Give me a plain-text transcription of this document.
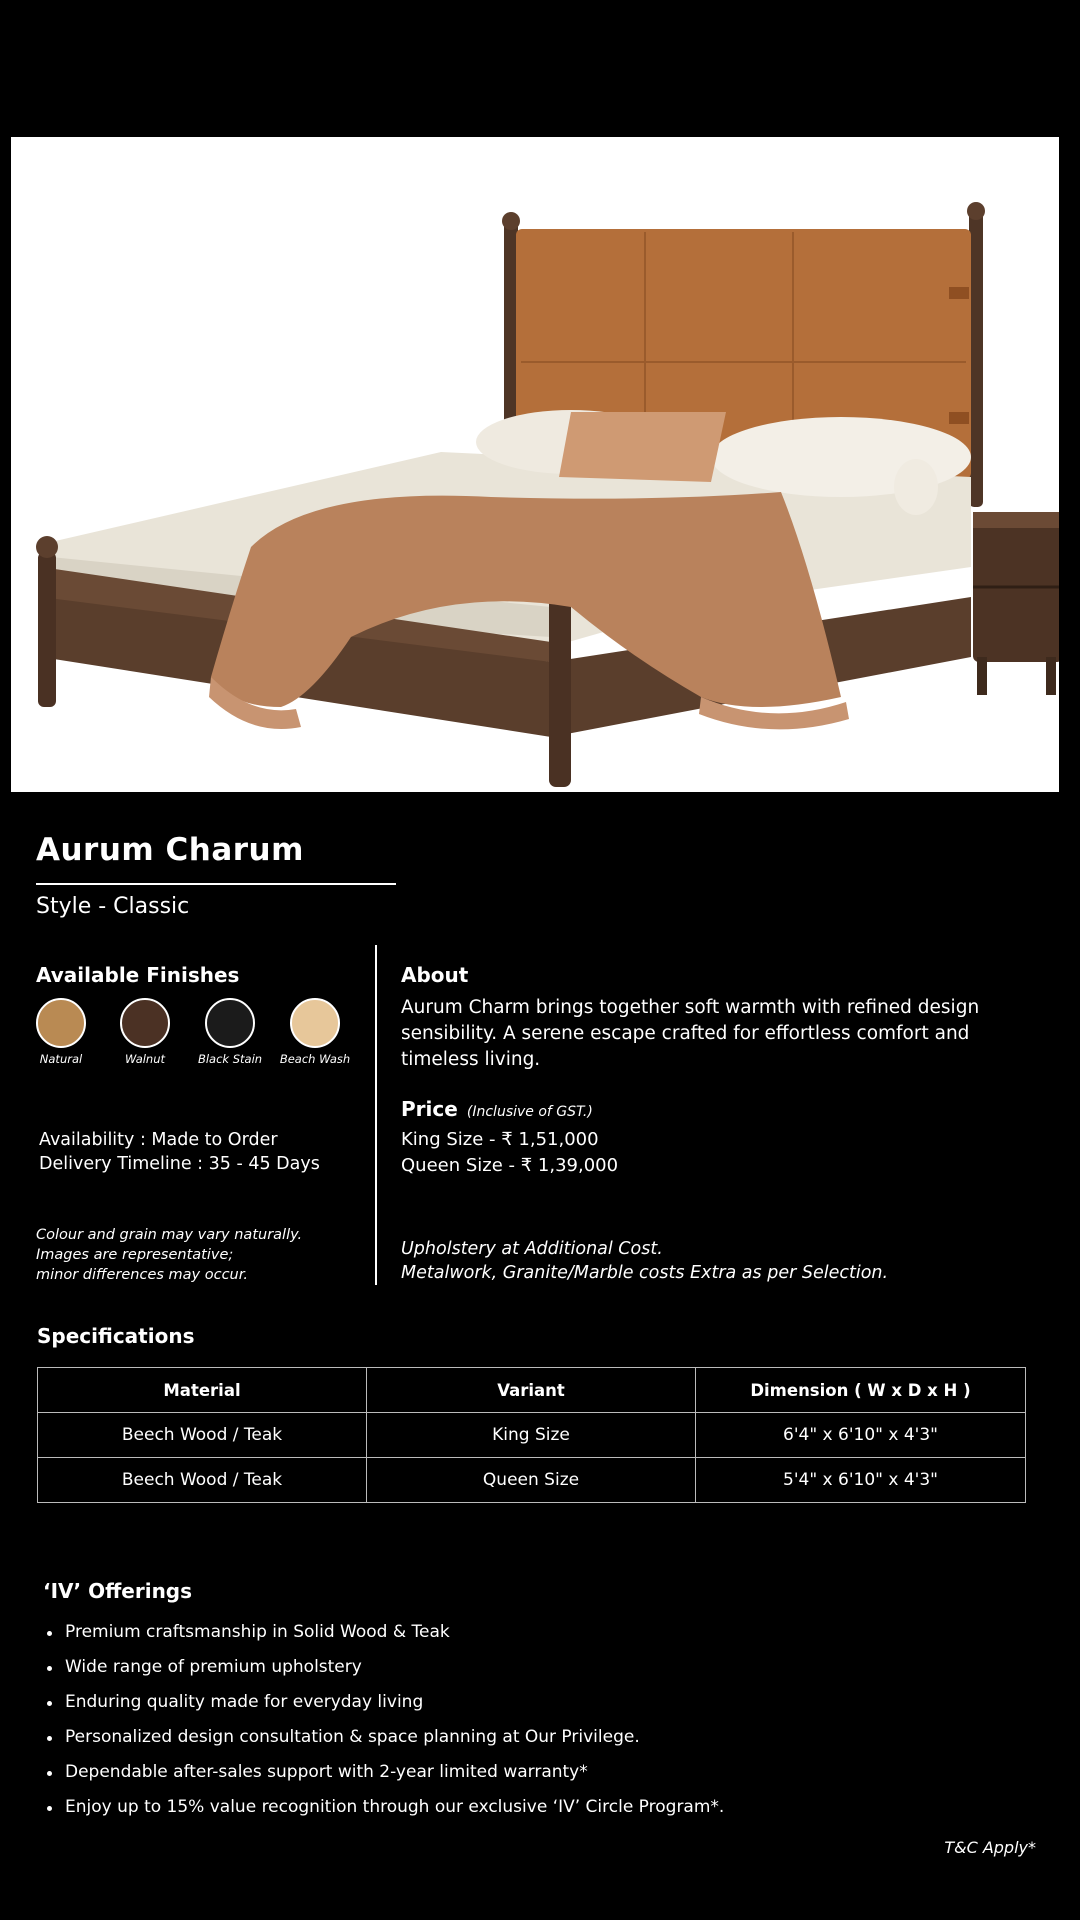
Aurum Charum
Style - Classic
Available Finishes
Natural	Walnut	Black Stain	Beach Wash
Availability : Made to Order
Delivery Timeline : 35 - 45 Days
Colour and grain may vary naturally.
Images are representative;
minor differences may occur.
About
Aurum Charm brings together soft warmth with refined design sensibility. A serene escape crafted for effortless comfort and timeless living.
Price (Inclusive of GST.)
King Size - ₹ 1,51,000
Queen Size - ₹ 1,39,000
Upholstery at Additional Cost.
Metalwork, Granite/Marble costs Extra as per Selection.
Specifications
Material	Variant	Dimension ( W x D x H )
Beech Wood / Teak	King Size	6'4" x 6'10" x 4'3"
Beech Wood / Teak	Queen Size	5'4" x 6'10" x 4'3"
‘IV’ Offerings
Premium craftsmanship in Solid Wood & Teak
Wide range of premium upholstery
Enduring quality made for everyday living
Personalized design consultation & space planning at Our Privilege.
Dependable after-sales support with 2-year limited warranty*
Enjoy up to 15% value recognition through our exclusive ‘IV’ Circle Program*.
T&C Apply*
